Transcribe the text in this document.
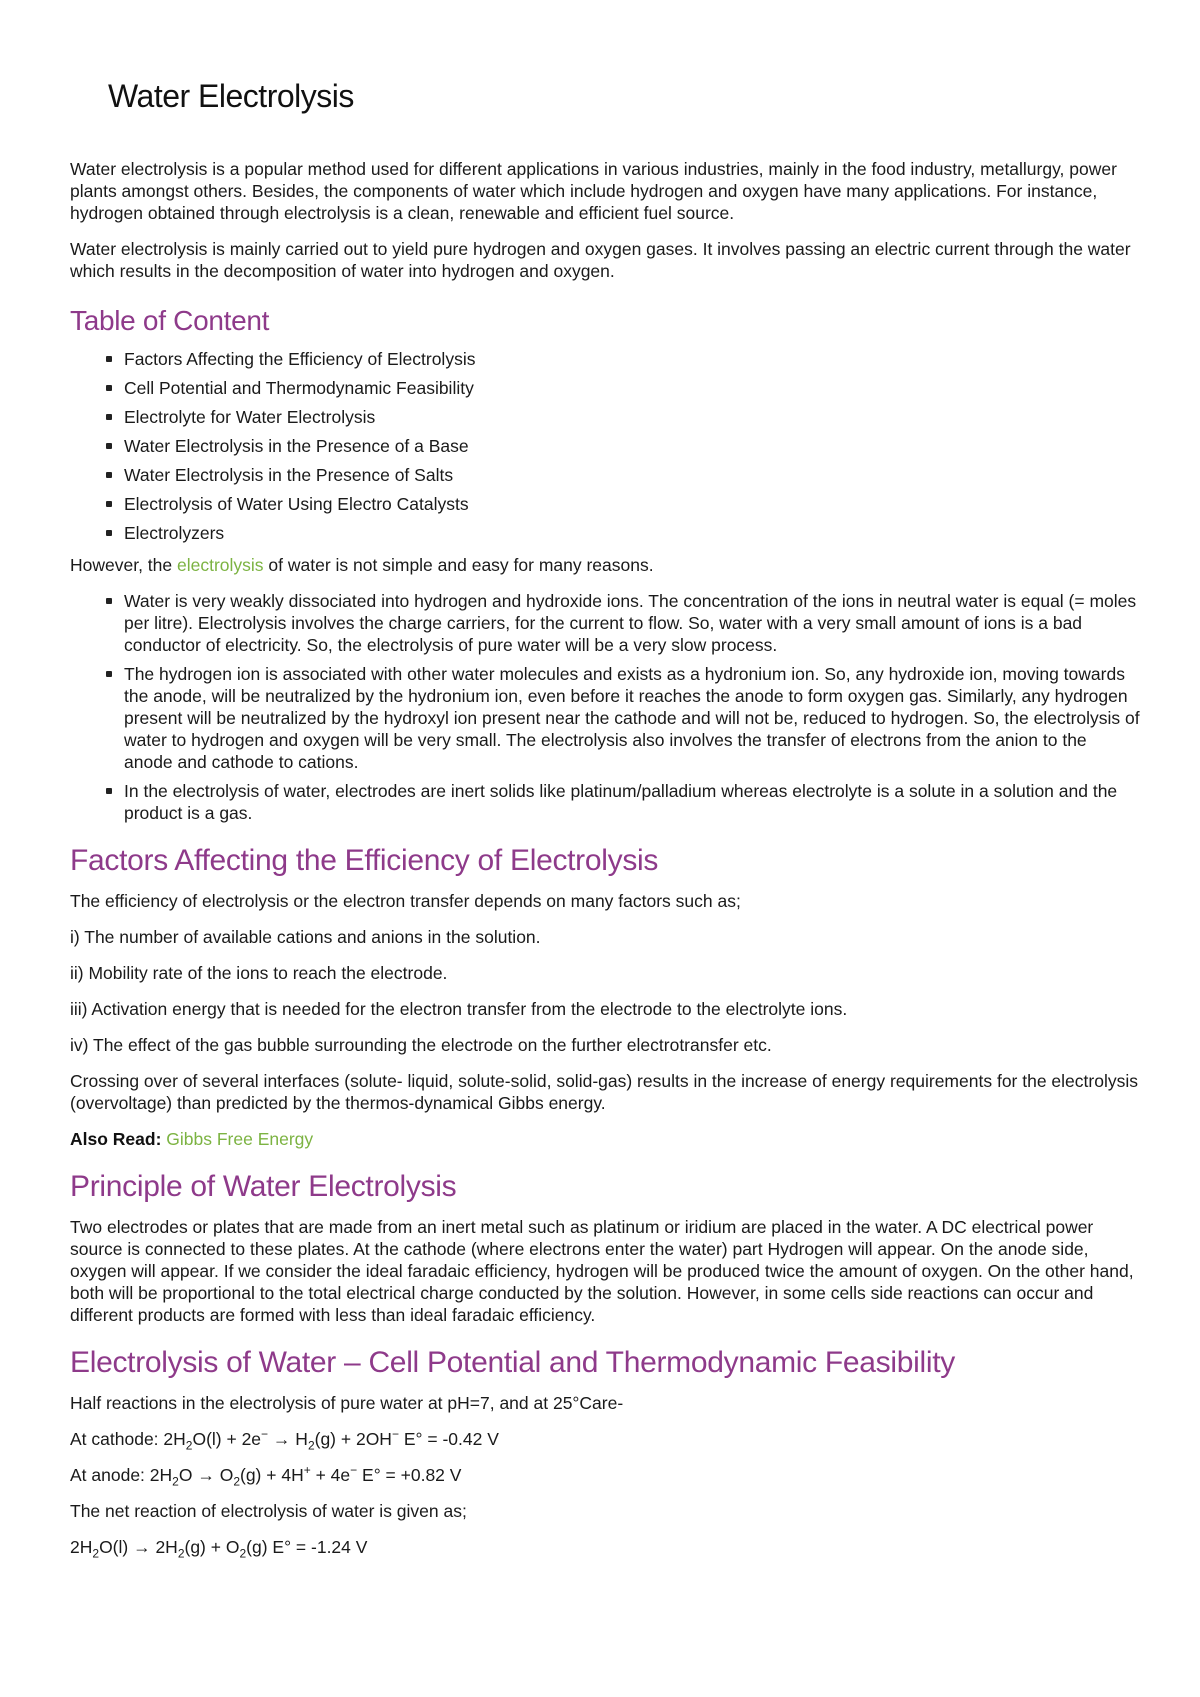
Water Electrolysis

Water electrolysis is a popular method used for different applications in various industries, mainly in the food industry, metallurgy, power plants amongst others. Besides, the components of water which include hydrogen and oxygen have many applications. For instance, hydrogen obtained through electrolysis is a clean, renewable and efficient fuel source.

Water electrolysis is mainly carried out to yield pure hydrogen and oxygen gases. It involves passing an electric current through the water which results in the decomposition of water into hydrogen and oxygen.

Table of Content
Factors Affecting the Efficiency of Electrolysis
Cell Potential and Thermodynamic Feasibility
Electrolyte for Water Electrolysis
Water Electrolysis in the Presence of a Base
Water Electrolysis in the Presence of Salts
Electrolysis of Water Using Electro Catalysts
Electrolyzers

However, the electrolysis of water is not simple and easy for many reasons.

Water is very weakly dissociated into hydrogen and hydroxide ions. The concentration of the ions in neutral water is equal (= moles per litre). Electrolysis involves the charge carriers, for the current to flow. So, water with a very small amount of ions is a bad conductor of electricity. So, the electrolysis of pure water will be a very slow process.
The hydrogen ion is associated with other water molecules and exists as a hydronium ion. So, any hydroxide ion, moving towards the anode, will be neutralized by the hydronium ion, even before it reaches the anode to form oxygen gas. Similarly, any hydrogen present will be neutralized by the hydroxyl ion present near the cathode and will not be, reduced to hydrogen. So, the electrolysis of water to hydrogen and oxygen will be very small. The electrolysis also involves the transfer of electrons from the anion to the anode and cathode to cations.
In the electrolysis of water, electrodes are inert solids like platinum/palladium whereas electrolyte is a solute in a solution and the product is a gas.
Factors Affecting the Efficiency of Electrolysis

The efficiency of electrolysis or the electron transfer depends on many factors such as;

i) The number of available cations and anions in the solution.

ii) Mobility rate of the ions to reach the electrode.

iii) Activation energy that is needed for the electron transfer from the electrode to the electrolyte ions.

iv) The effect of the gas bubble surrounding the electrode on the further electrotransfer etc.

Crossing over of several interfaces (solute- liquid, solute-solid, solid-gas) results in the increase of energy requirements for the electrolysis (overvoltage) than predicted by the thermos-dynamical Gibbs energy.

Also Read: Gibbs Free Energy

Principle of Water Electrolysis

Two electrodes or plates that are made from an inert metal such as platinum or iridium are placed in the water. A DC electrical power source is connected to these plates. At the cathode (where electrons enter the water) part Hydrogen will appear. On the anode side, oxygen will appear. If we consider the ideal faradaic efficiency, hydrogen will be produced twice the amount of oxygen. On the other hand, both will be proportional to the total electrical charge conducted by the solution. However, in some cells side reactions can occur and different products are formed with less than ideal faradaic efficiency.

Electrolysis of Water – Cell Potential and Thermodynamic Feasibility

Half reactions in the electrolysis of pure water at pH=7, and at 25°Care-

At cathode: $2H_2O(l) + 2e^- \to H_2(g) + 2OH^-$ E° = -0.42 V

At anode: $2H_2O \to O_2(g) + 4H^+ + 4e^-$ E° = +0.82 V

The net reaction of electrolysis of water is given as;

$2H_2O(l) \to 2H_2(g) + O_2(g) E^\circ = -1.24$ V
